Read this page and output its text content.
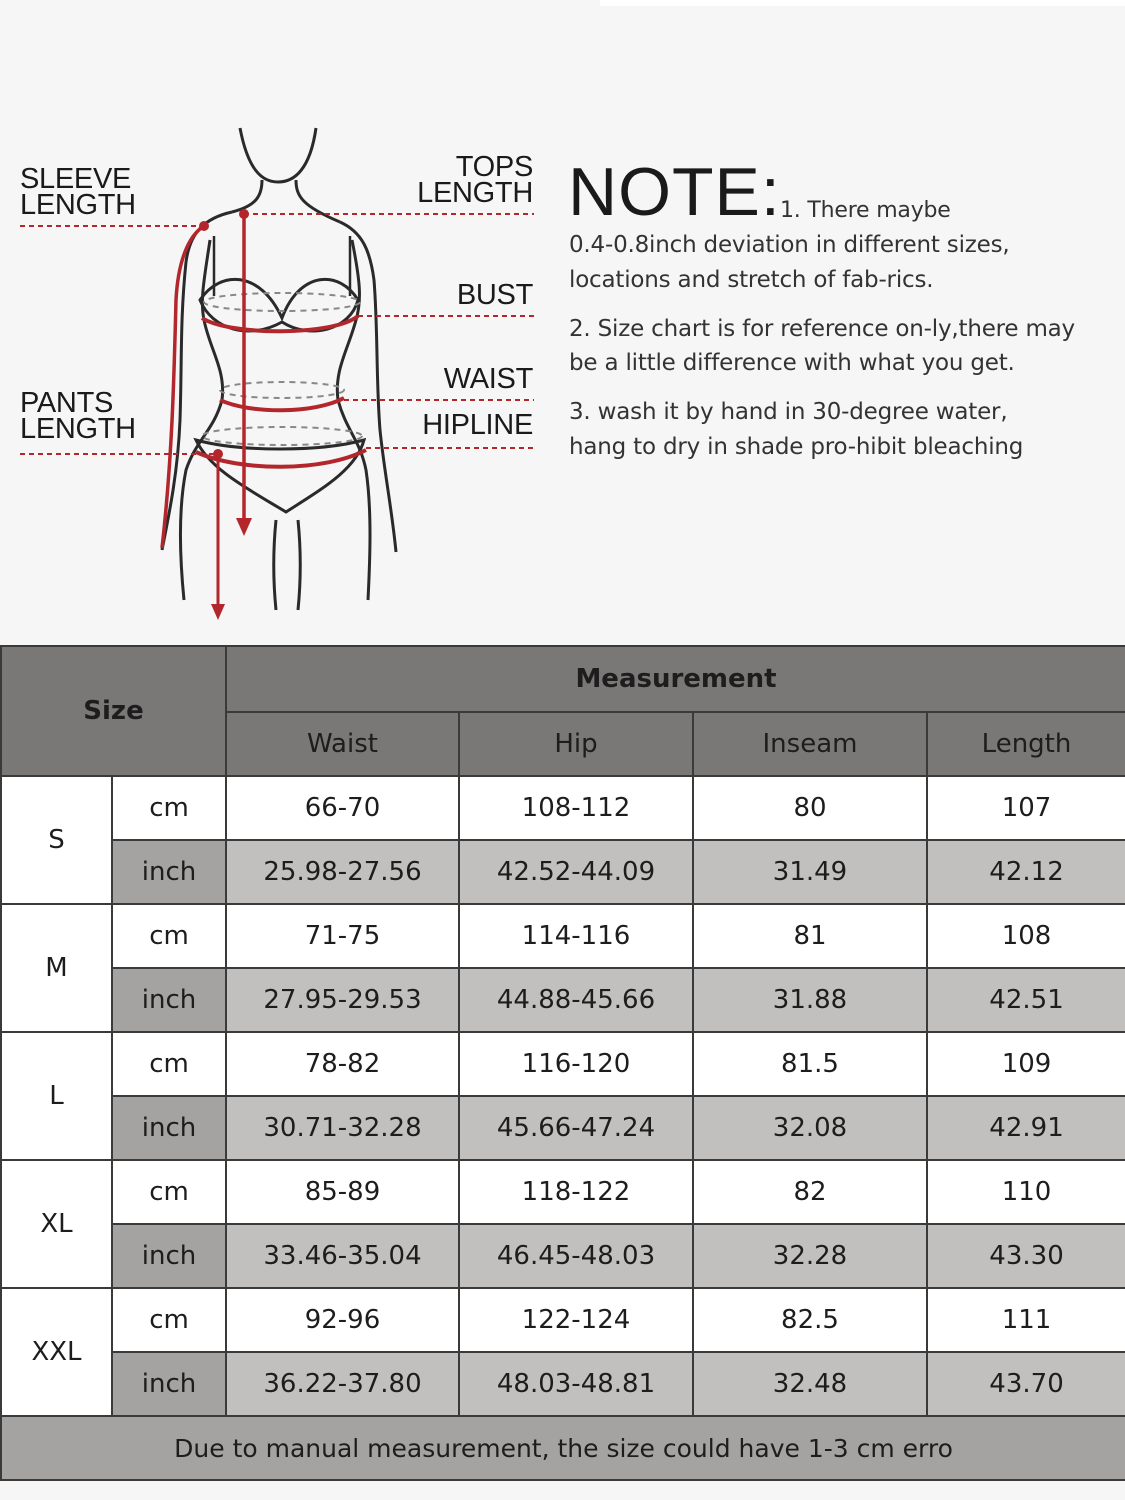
SLEEVE
LENGTH
TOPS
LENGTH
BUST
WAIST
HIPLINE
PANTS
LENGTH
NOTE: 1. There maybe
0.4-0.8inch deviation in different sizes,
locations and stretch of fab-rics.
2. Size chart is for reference on-ly,there may
be a little difference with what you get.
3. wash it by hand in 30-degree water,
hang to dry in shade pro-hibit bleaching
Size		Measurement			
		Waist	Hip	Inseam	Length
S	cm	66-70	108-112	80	107
	inch	25.98-27.56	42.52-44.09	31.49	42.12
M	cm	71-75	114-116	81	108
	inch	27.95-29.53	44.88-45.66	31.88	42.51
L	cm	78-82	116-120	81.5	109
	inch	30.71-32.28	45.66-47.24	32.08	42.91
XL	cm	85-89	118-122	82	110
	inch	33.46-35.04	46.45-48.03	32.28	43.30
XXL	cm	92-96	122-124	82.5	111
	inch	36.22-37.80	48.03-48.81	32.48	43.70
Due to manual measurement, the size could have 1-3 cm erro					
